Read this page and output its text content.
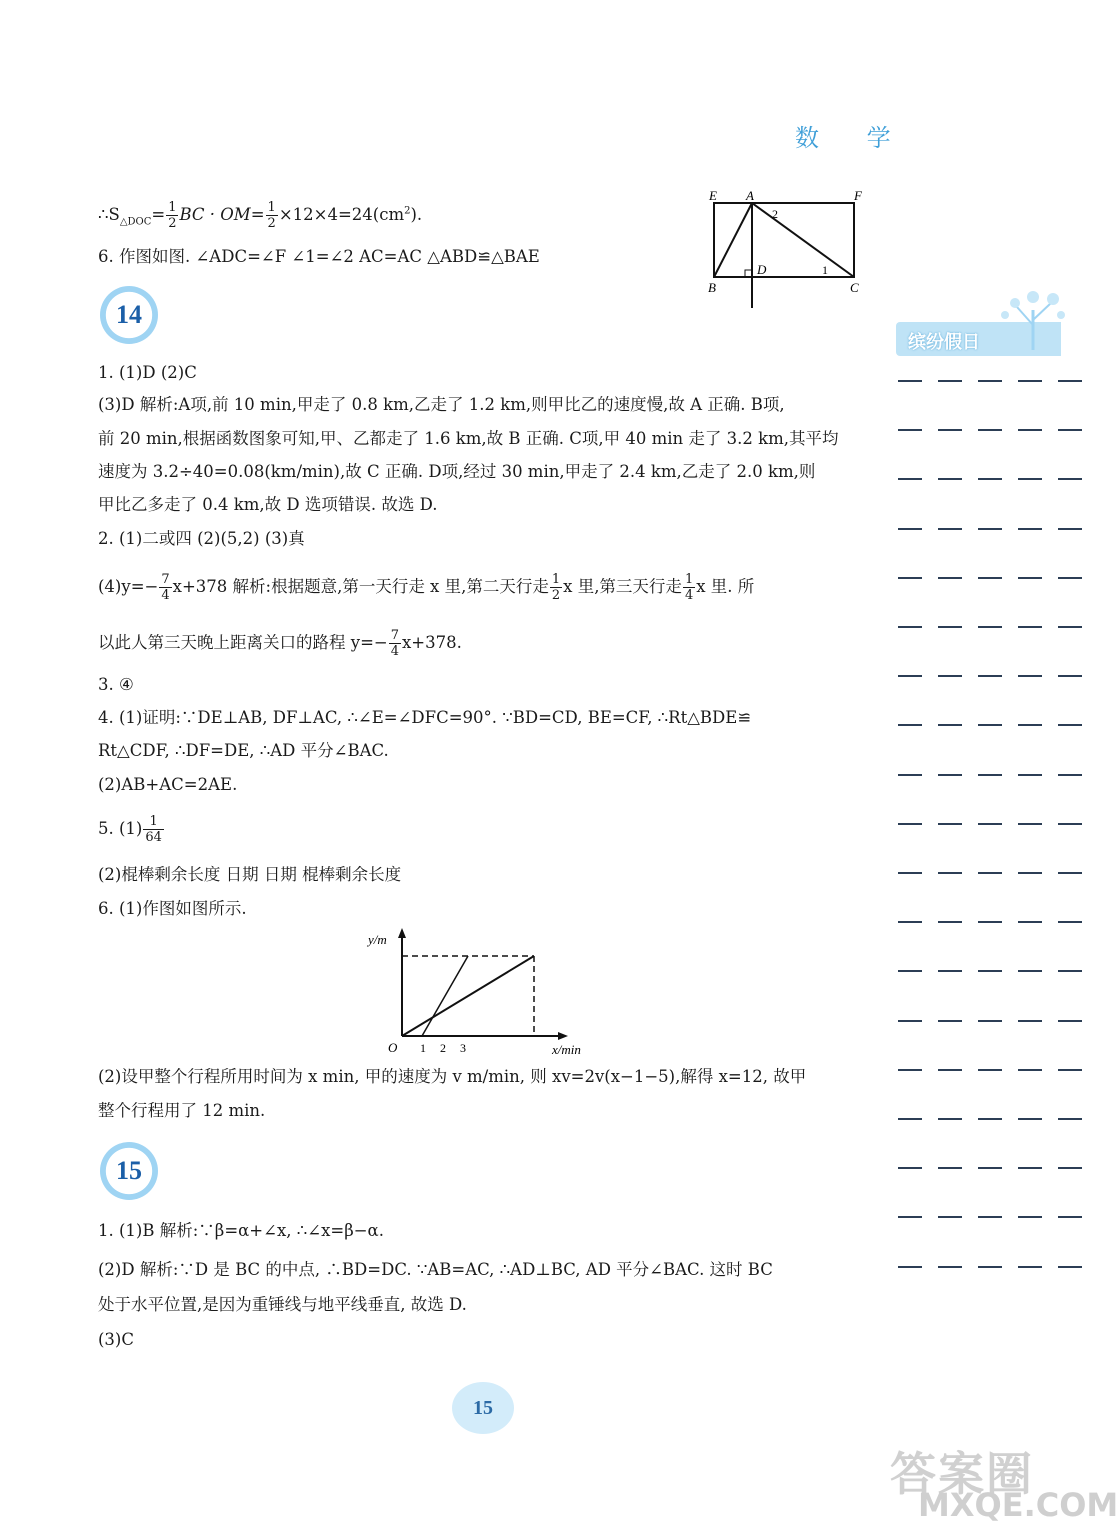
数 学
缤纷假日
$\therefore S_{\triangle DOC}= \frac{1}{2}$ BC · $OM= \frac{1}{2} \times 12\times 4=24(cm^2)$.
6. 作图如图. ∠ADC=∠F ∠1=∠2 AC=AC △ABD≌△BAE
E A	F
B	C
D	1
2
14
1. (1)D (2)C
(3)D 解析:A项,前 10 min,甲走了 0.8 km,乙走了 1.2 km,则甲比乙的速度慢,故 A 正确. B项,
前 20 min,根据函数图象可知,甲、乙都走了 1.6 km,故 B 正确. C项,甲 40 min 走了 3.2 km,其平均
速度为 3.2÷40=0.08(km/min),故 C 正确. D项,经过 30 min,甲走了 2.4 km,乙走了 2.0 km,则
甲比乙多走了 0.4 km,故 D 选项错误. 故选 D.
2. (1)二或四 (2)(5,2) (3)真
$(4)y=- \frac{7}{4} x+378$ 解析:根据题意,第一天行走 x 里,第二天行走 $\frac{1}{2}$ x 里,第三天行走 $\frac{1}{4}$ x 里. 所
以此人第三天晚上距离关口的路程 $y=- \frac{7}{4} x+378$.
3. ④
4. (1)证明:∵DE⊥AB, DF⊥AC, ∴∠E=∠DFC=90°. ∵BD=CD, BE=CF, ∴Rt△BDE≌
Rt△CDF, ∴DF=DE, ∴AD 平分∠BAC.
(2)AB+AC=2AE.
5. $(1) \frac{1}{64}$
(2)棍棒剩余长度 日期 日期 棍棒剩余长度
6. (1)作图如图所示.
y/m
x/min
O 1 2 3
(2)设甲整个行程所用时间为 x min, 甲的速度为 v m/min, 则 xv=2v(x−1−5),解得 x=12, 故甲
整个行程用了 12 min.
15
1. (1)B 解析:∵β=α+∠x, ∴∠x=β−α.
(2)D 解析:∵D 是 BC 的中点, ∴BD=DC. ∵AB=AC, ∴AD⊥BC, AD 平分∠BAC. 这时 BC
处于水平位置,是因为重锤线与地平线垂直, 故选 D.
(3)C
15
答案圈
MXQE.COM
